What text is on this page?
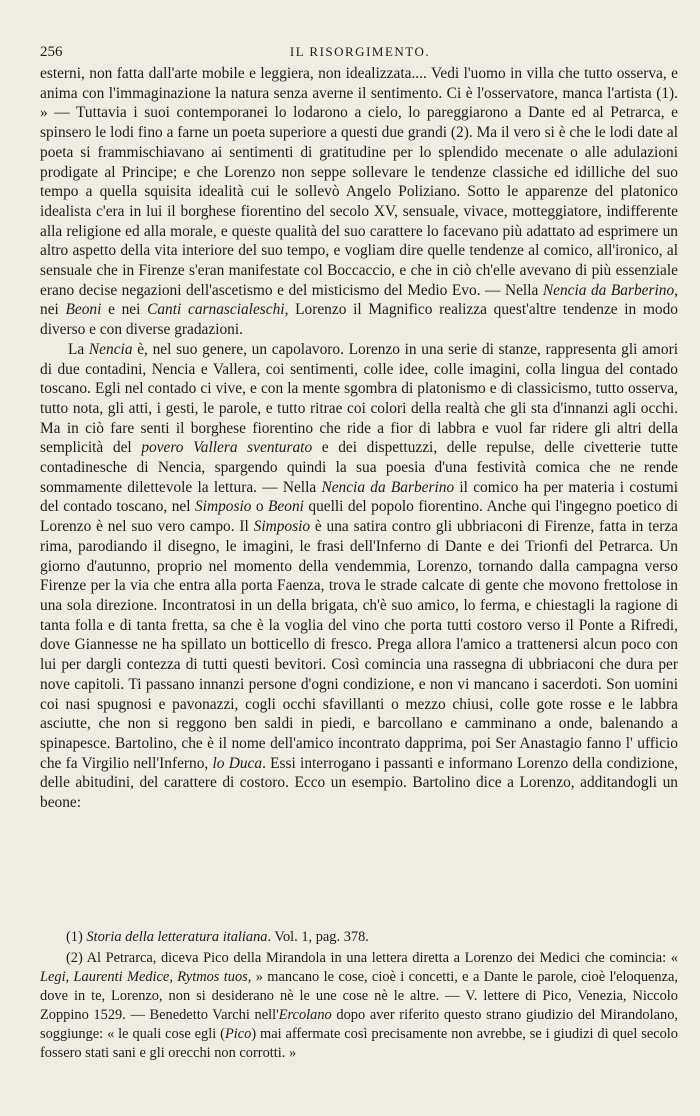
256	IL RISORGIMENTO.

esterni, non fatta dall'arte mobile e leggiera, non idealizzata.... Vedi l'uomo in villa che tutto osserva, e anima con l'immaginazione la natura senza averne il sentimento. Ci è l'osservatore, manca l'artista (1). » — Tuttavia i suoi contemporanei lo lodarono a cielo, lo pareggiarono a Dante ed al Petrarca, e spinsero le lodi fino a farne un poeta superiore a questi due grandi (2). Ma il vero si è che le lodi date al poeta si frammischiavano ai sentimenti di gratitudine per lo splendido mecenate o alle adulazioni prodigate al Principe; e che Lorenzo non seppe sollevare le tendenze classiche ed idilliche del suo tempo a quella squisita idealità cui le sollevò Angelo Poliziano. Sotto le apparenze del platonico idealista c'era in lui il borghese fiorentino del secolo XV, sensuale, vivace, motteggiatore, indifferente alla religione ed alla morale, e queste qualità del suo carattere lo facevano più adattato ad esprimere un altro aspetto della vita interiore del suo tempo, e vogliam dire quelle tendenze al comico, all'ironico, al sensuale che in Firenze s'eran manifestate col Boccaccio, e che in ciò ch'elle avevano di più essenziale erano decise negazioni dell'ascetismo e del misticismo del Medio Evo. — Nella Nencia da Barberino, nei Beoni e nei Canti carnascialeschi, Lorenzo il Magnifico realizza quest'altre tendenze in modo diverso e con diverse gradazioni.

La Nencia è, nel suo genere, un capolavoro. Lorenzo in una serie di stanze, rappresenta gli amori di due contadini, Nencia e Vallera, coi sentimenti, colle idee, colle imagini, colla lingua del contado toscano. Egli nel contado ci vive, e con la mente sgombra di platonismo e di classicismo, tutto osserva, tutto nota, gli atti, i gesti, le parole, e tutto ritrae coi colori della realtà che gli sta d'innanzi agli occhi. Ma in ciò fare senti il borghese fiorentino che ride a fior di labbra e vuol far ridere gli altri della semplicità del povero Vallera sventurato e dei dispettuzzi, delle repulse, delle civetterie tutte contadinesche di Nencia, spargendo quindi la sua poesia d'una festività comica che ne rende sommamente dilettevole la lettura. — Nella Nencia da Barberino il comico ha per materia i costumi del contado toscano, nel Simposio o Beoni quelli del popolo fiorentino. Anche qui l'ingegno poetico di Lorenzo è nel suo vero campo. Il Simposio è una satira contro gli ubbriaconi di Firenze, fatta in terza rima, parodiando il disegno, le imagini, le frasi dell'Inferno di Dante e dei Trionfi del Petrarca. Un giorno d'autunno, proprio nel momento della vendemmia, Lorenzo, tornando dalla campagna verso Firenze per la via che entra alla porta Faenza, trova le strade calcate di gente che movono frettolose in una sola direzione. Incontratosi in un della brigata, ch'è suo amico, lo ferma, e chiestagli la ragione di tanta folla e di tanta fretta, sa che è la voglia del vino che porta tutti costoro verso il Ponte a Rifredi, dove Giannesse ne ha spillato un botticello di fresco. Prega allora l'amico a trattenersi alcun poco con lui per dargli contezza di tutti questi bevitori. Così comincia una rassegna di ubbriaconi che dura per nove capitoli. Ti passano innanzi persone d'ogni condizione, e non vi mancano i sacerdoti. Son uomini coi nasi spugnosi e pavonazzi, cogli occhi sfavillanti o mezzo chiusi, colle gote rosse e le labbra asciutte, che non si reggono ben saldi in piedi, e barcollano e camminano a onde, balenando a spinapesce. Bartolino, che è il nome dell'amico incontrato dapprima, poi Ser Anastagio fanno l' ufficio che fa Virgilio nell'Inferno, lo Duca. Essi interrogano i passanti e informano Lorenzo della condizione, delle abitudini, del carattere di costoro. Ecco un esempio. Bartolino dice a Lorenzo, additandogli un beone:

(1) Storia della letteratura italiana. Vol. 1, pag. 378.

(2) Al Petrarca, diceva Pico della Mirandola in una lettera diretta a Lorenzo dei Medici che comincia: « Legi, Laurenti Medice, Rytmos tuos, » mancano le cose, cioè i concetti, e a Dante le parole, cioè l'eloquenza, dove in te, Lorenzo, non si desiderano nè le une cose nè le altre. — V. lettere di Pico, Venezia, Niccolo Zoppino 1529. — Benedetto Varchi nell'Ercolano dopo aver riferito questo strano giudizio del Mirandolano, soggiunge: « le quali cose egli (Pico) mai affermate così precisamente non avrebbe, se i giudizi di quel secolo fossero stati sani e gli orecchi non corrotti. »
